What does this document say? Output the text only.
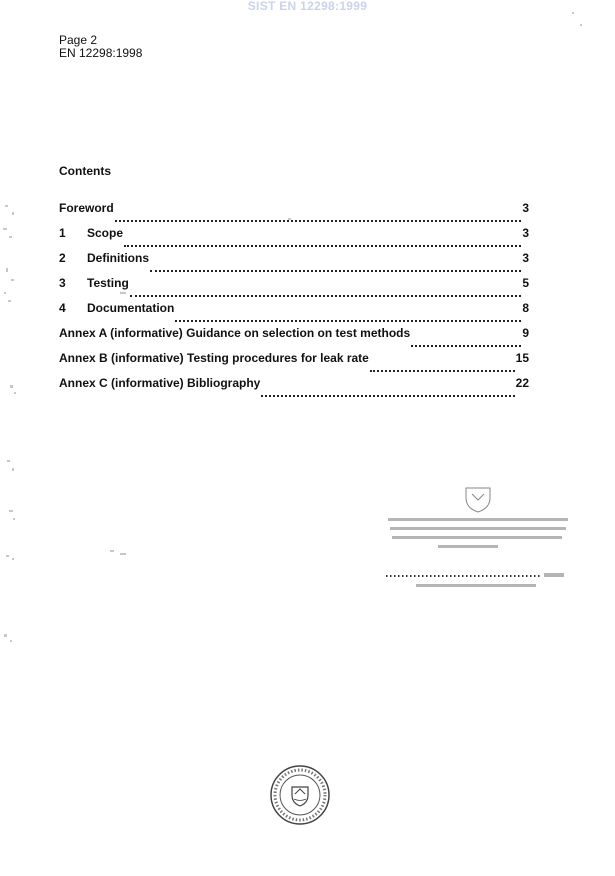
SIST EN 12298:1999
Page 2
EN 12298:1998
Contents
Foreword	3
1	Scope	3
2	Definitions	3
3	Testing	5
4	Documentation	8
Annex A (informative) Guidance on selection on test methods	9
Annex B (informative) Testing procedures for leak rate	15
Annex C (informative) Bibliography	22
